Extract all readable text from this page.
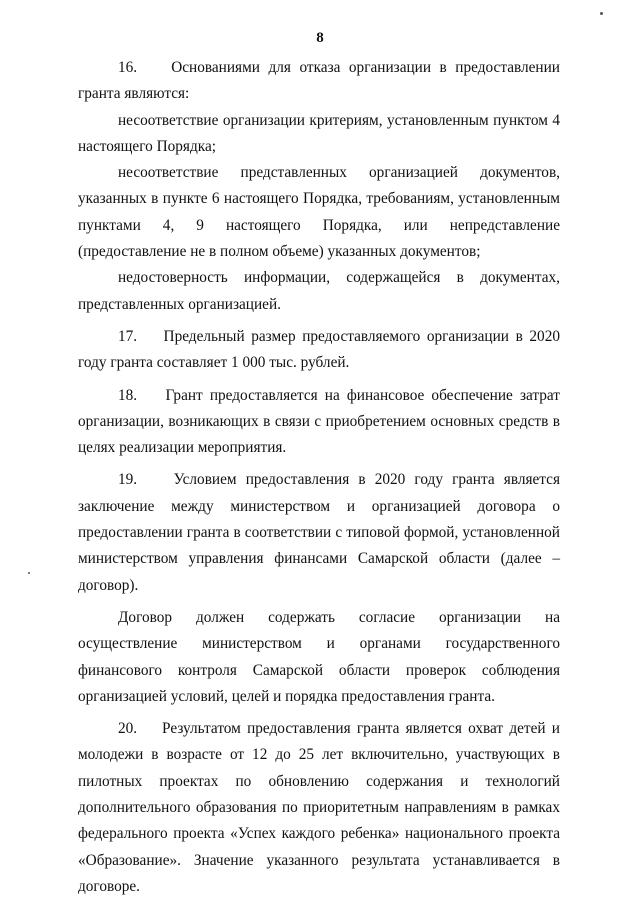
8

16.    Основаниями для отказа организации в предоставлении гранта являются:

несоответствие организации критериям, установленным пунктом 4 настоящего Порядка;

несоответствие представленных организацией документов, указанных в пункте 6 настоящего Порядка, требованиям, установленным пунктами 4, 9 настоящего Порядка, или непредставление (предоставление не в полном объеме) указанных документов;

недостоверность информации, содержащейся в документах, представленных организацией.

17.    Предельный размер предоставляемого организации в 2020 году гранта составляет 1 000 тыс. рублей.

18.    Грант предоставляется на финансовое обеспечение затрат организации, возникающих в связи с приобретением основных средств в целях реализации мероприятия.

19.    Условием предоставления в 2020 году гранта является заключение между министерством и организацией договора о предоставлении гранта в соответствии с типовой формой, установленной министерством управления финансами Самарской области (далее – договор).

Договор должен содержать согласие организации на осуществление министерством и органами государственного финансового контроля Самарской области проверок соблюдения организацией условий, целей и порядка предоставления гранта.

20.    Результатом предоставления гранта является охват детей и молодежи в возрасте от 12 до 25 лет включительно, участвующих в пилотных проектах по обновлению содержания и технологий дополнительного образования по приоритетным направлениям в рамках федерального проекта «Успех каждого ребенка» национального проекта «Образование». Значение указанного результата устанавливается в договоре.
